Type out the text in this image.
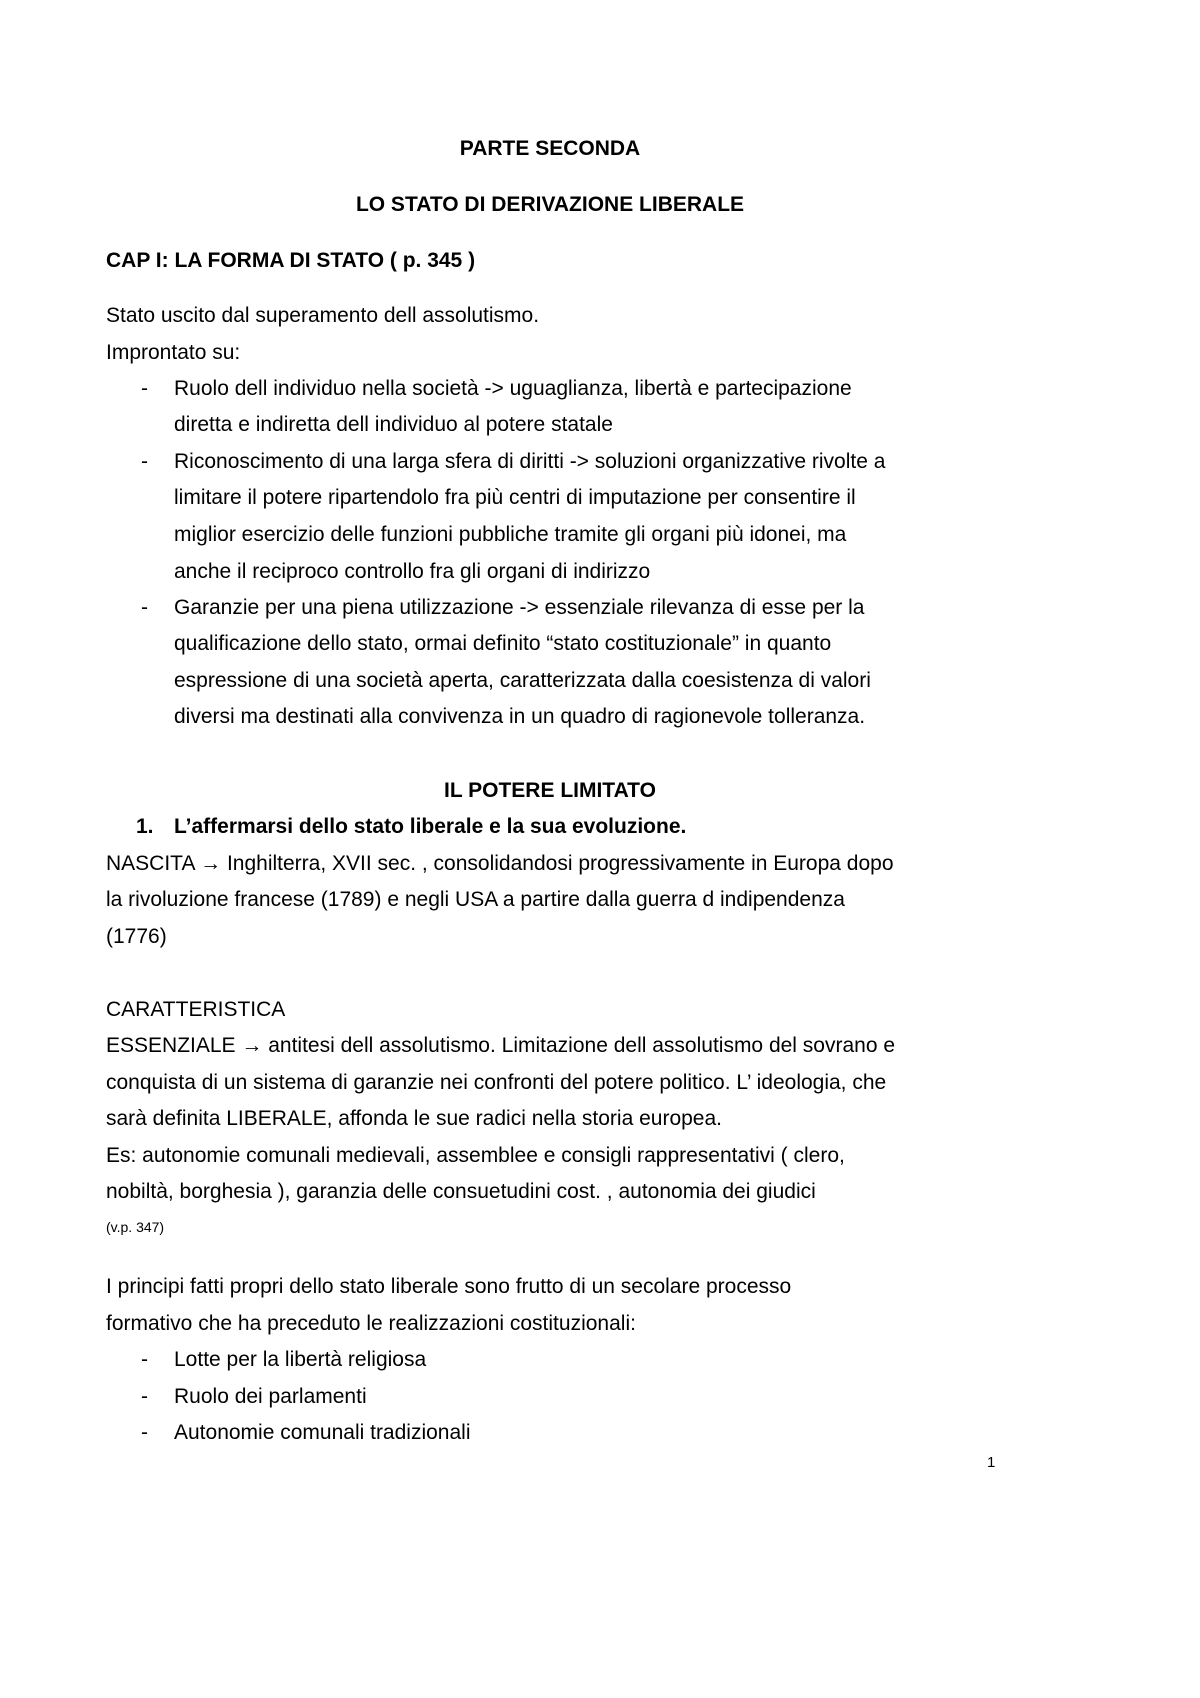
PARTE SECONDA
LO STATO DI DERIVAZIONE LIBERALE
CAP I: LA FORMA DI STATO ( p. 345 )
Stato uscito dal superamento dell assolutismo.
Improntato su:
- Ruolo dell individuo nella società -> uguaglianza, libertà e partecipazione
diretta e indiretta dell individuo al potere statale
- Riconoscimento di una larga sfera di diritti -> soluzioni organizzative rivolte a
limitare il potere ripartendolo fra più centri di imputazione per consentire il
miglior esercizio delle funzioni pubbliche tramite gli organi più idonei, ma
anche il reciproco controllo fra gli organi di indirizzo
- Garanzie per una piena utilizzazione -> essenziale rilevanza di esse per la
qualificazione dello stato, ormai definito “stato costituzionale” in quanto
espressione di una società aperta, caratterizzata dalla coesistenza di valori
diversi ma destinati alla convivenza in un quadro di ragionevole tolleranza.
IL POTERE LIMITATO
1. L’affermarsi dello stato liberale e la sua evoluzione.
NASCITA → Inghilterra, XVII sec. , consolidandosi progressivamente in Europa dopo
la rivoluzione francese (1789) e negli USA a partire dalla guerra d indipendenza
(1776)
CARATTERISTICA
ESSENZIALE → antitesi dell assolutismo. Limitazione dell assolutismo del sovrano e
conquista di un sistema di garanzie nei confronti del potere politico. L’ ideologia, che
sarà definita LIBERALE, affonda le sue radici nella storia europea.
Es: autonomie comunali medievali, assemblee e consigli rappresentativi ( clero,
nobiltà, borghesia ), garanzia delle consuetudini cost. , autonomia dei giudici
(v.p. 347)
I principi fatti propri dello stato liberale sono frutto di un secolare processo
formativo che ha preceduto le realizzazioni costituzionali:
- Lotte per la libertà religiosa
- Ruolo dei parlamenti
- Autonomie comunali tradizionali
1
